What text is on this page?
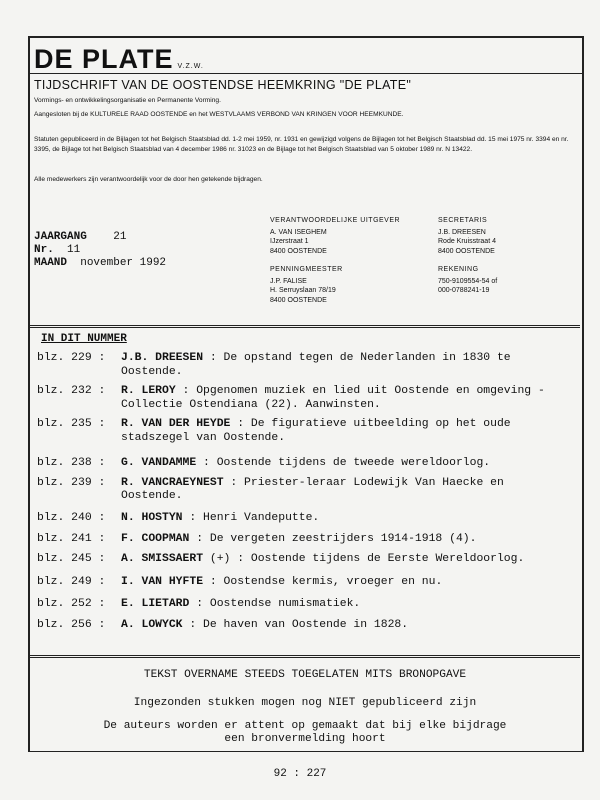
DE PLATE V.Z.W.
TIJDSCHRIFT VAN DE OOSTENDSE HEEMKRING "DE PLATE"
Vormings- en ontwikkelingsorganisatie en Permanente Vorming.
Aangesloten bij de KULTURELE RAAD OOSTENDE en het WESTVLAAMS VERBOND VAN KRINGEN VOOR HEEMKUNDE.
Statuten gepubliceerd in de Bijlagen tot het Belgisch Staatsblad dd. 1-2 mei 1959, nr. 1931 en gewijzigd volgens de Bijlagen tot het Belgisch Staatsblad dd. 15 mei 1975 nr. 3394 en nr. 3395, de Bijlage tot het Belgisch Staatsblad van 4 december 1986 nr. 31023 en de Bijlage tot het Belgisch Staatsblad van 5 oktober 1989 nr. N 13422.
Alle medewerkers zijn verantwoordelijk voor de door hen getekende bijdragen.
JAARGANG 21
Nr. 11
MAAND november 1992
VERANTWOORDELIJKE UITGEVER
A. VAN ISEGHEM
IJzerstraat 1
8400 OOSTENDE
SECRETARIS
J.B. DREESEN
Rode Kruisstraat 4
8400 OOSTENDE
PENNINGMEESTER
J.P. FALISE
H. Serruyslaan 78/19
8400 OOSTENDE
REKENING
750-9109554-54 of
000-0788241-19
IN DIT NUMMER
blz. 229 :	J.B. DREESEN : De opstand tegen de Nederlanden in 1830 te Oostende.
blz. 232 :	R. LEROY : Opgenomen muziek en lied uit Oostende en omgeving - Collectie Ostendiana (22). Aanwinsten.
blz. 235 :	R. VAN DER HEYDE : De figuratieve uitbeelding op het oude stadszegel van Oostende.
blz. 238 :	G. VANDAMME : Oostende tijdens de tweede wereldoorlog.
blz. 239 :	R. VANCRAEYNEST : Priester-leraar Lodewijk Van Haecke en Oostende.
blz. 240 :	N. HOSTYN : Henri Vandeputte.
blz. 241 :	F. COOPMAN : De vergeten zeestrijders 1914-1918 (4).
blz. 245 :	A. SMISSAERT (+) : Oostende tijdens de Eerste Wereldoorlog.
blz. 249 :	I. VAN HYFTE : Oostendse kermis, vroeger en nu.
blz. 252 :	E. LIETARD : Oostendse numismatiek.
blz. 256 :	A. LOWYCK : De haven van Oostende in 1828.
TEKST OVERNAME STEEDS TOEGELATEN MITS BRONOPGAVE
Ingezonden stukken mogen nog NIET gepubliceerd zijn
De auteurs worden er attent op gemaakt dat bij elke bijdrage
een bronvermelding hoort
92 : 227
